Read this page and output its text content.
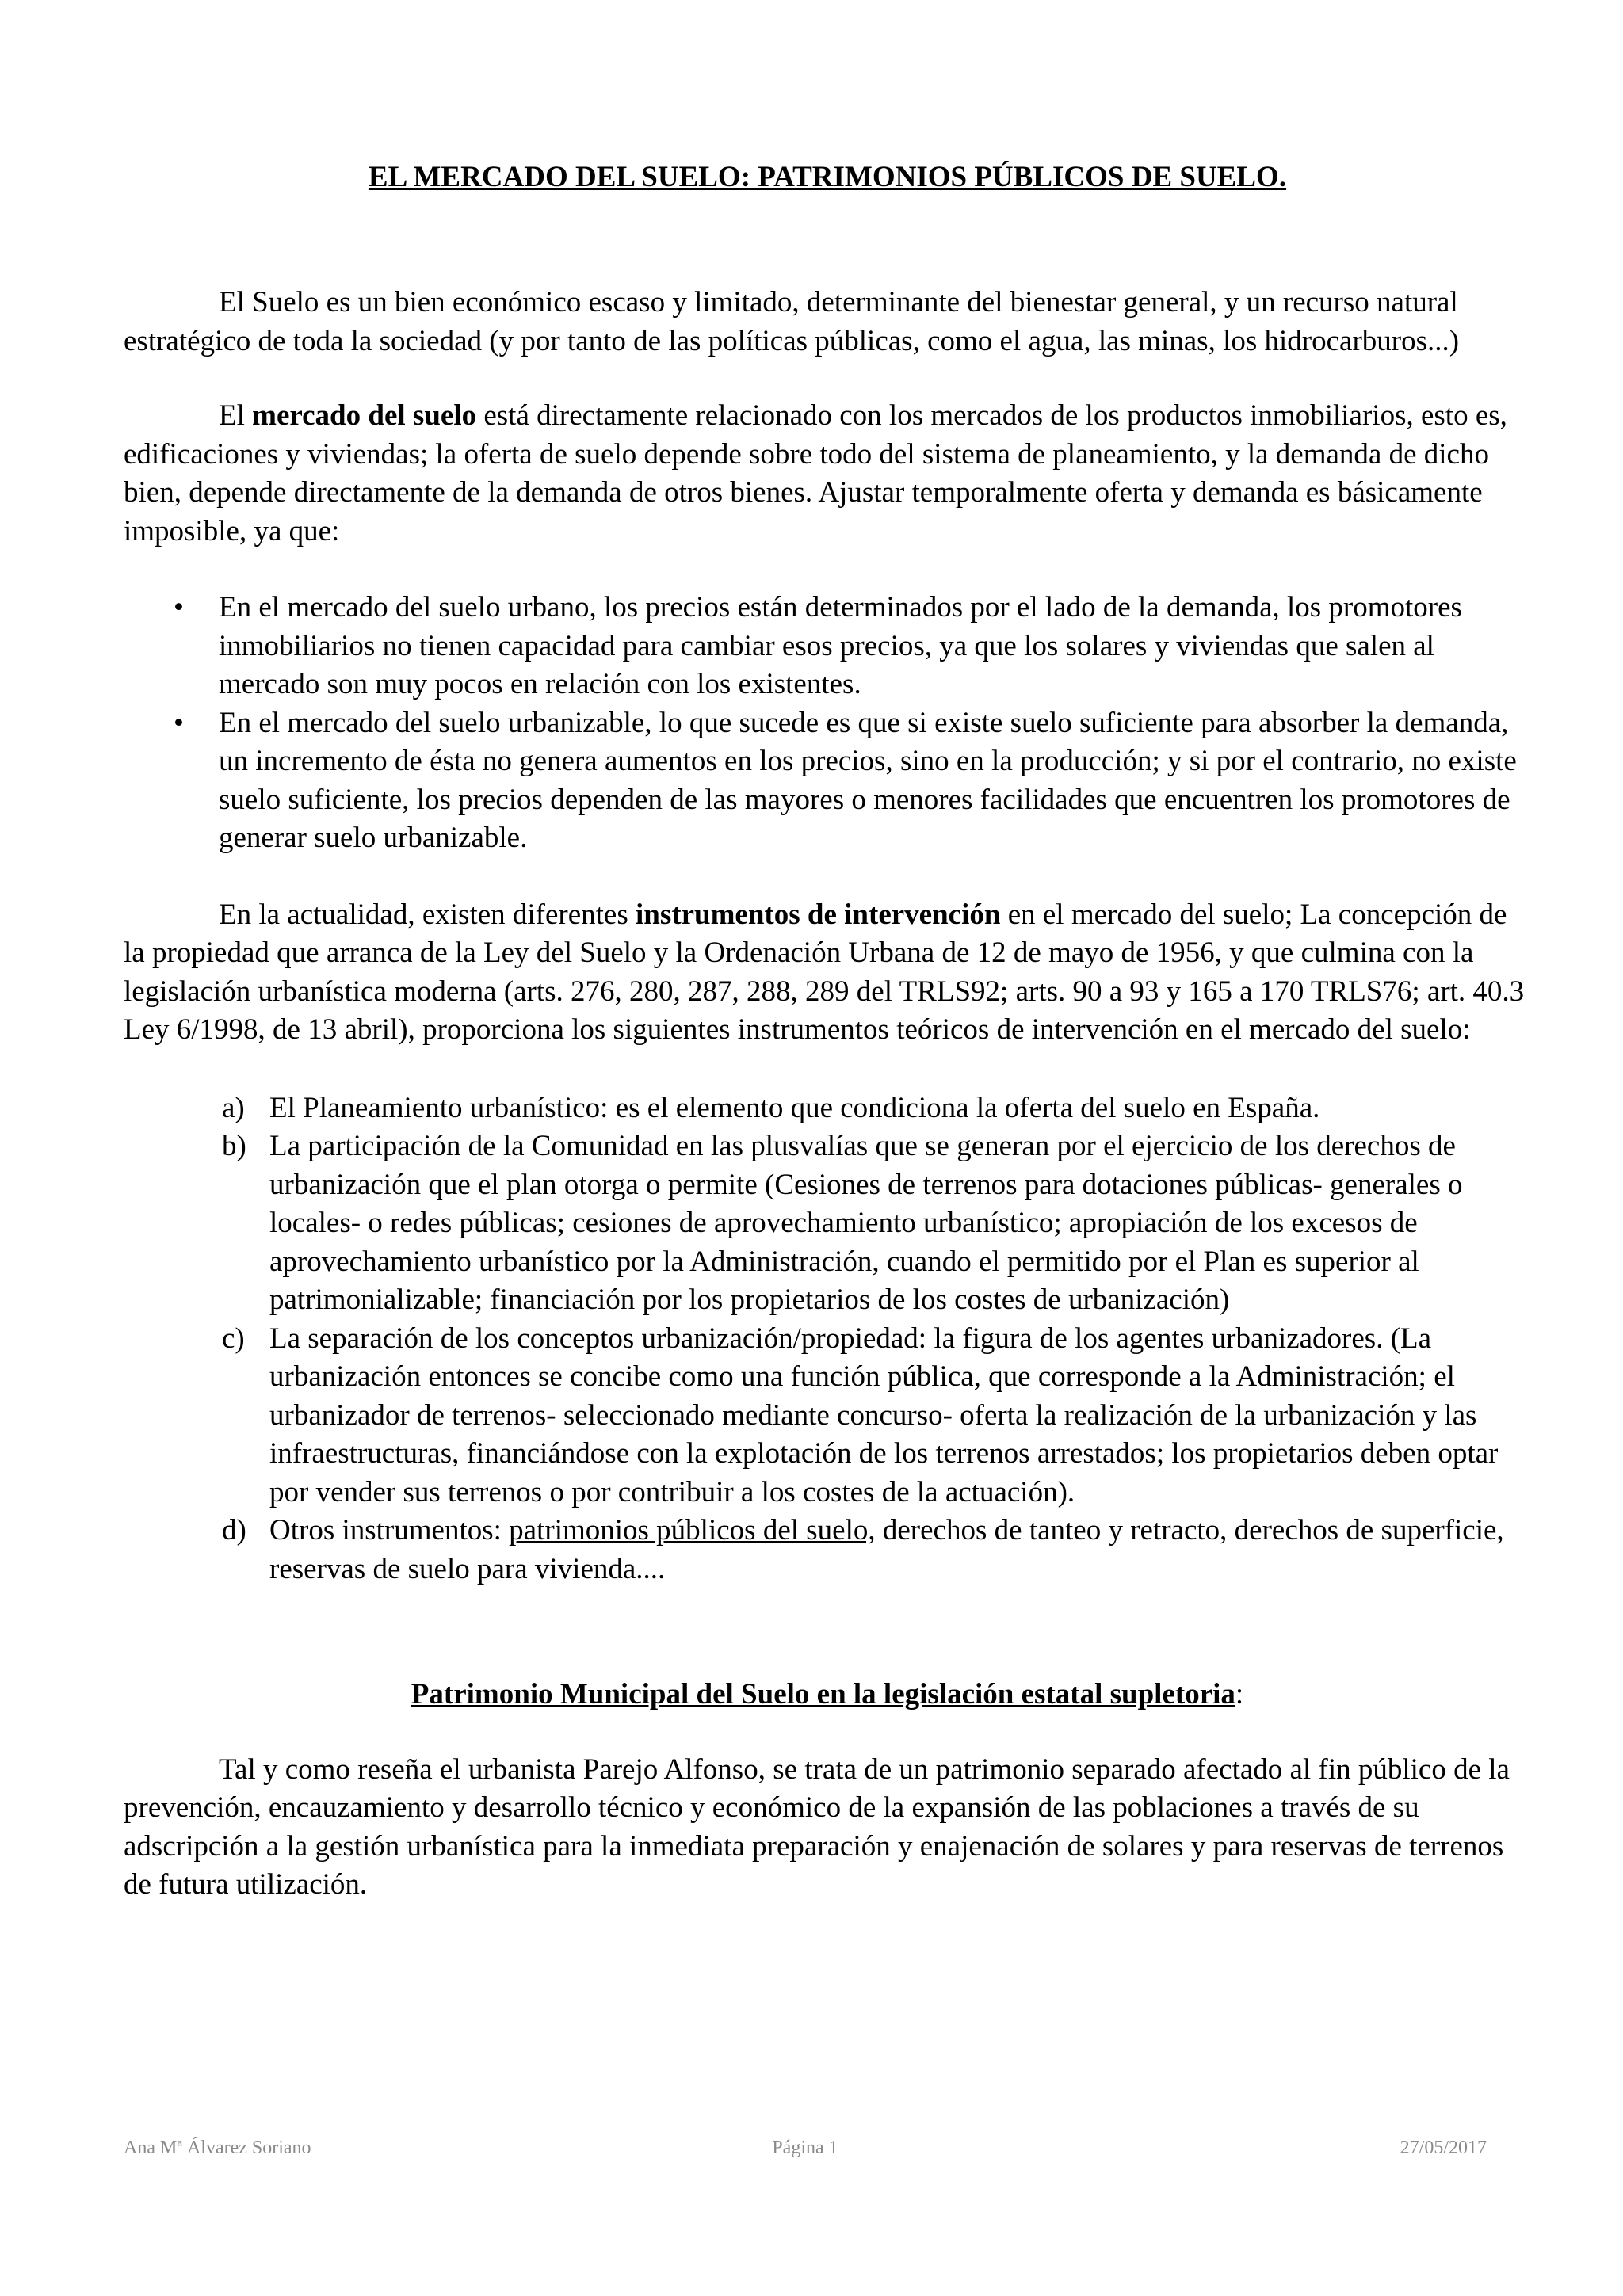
EL MERCADO DEL SUELO: PATRIMONIOS PÚBLICOS DE SUELO.

El Suelo es un bien económico escaso y limitado, determinante del bienestar general, y un recurso natural estratégico de toda la sociedad (y por tanto de las políticas públicas, como el agua, las minas, los hidrocarburos...)

El mercado del suelo está directamente relacionado con los mercados de los productos inmobiliarios, esto es, edificaciones y viviendas; la oferta de suelo depende sobre todo del sistema de planeamiento, y la demanda de dicho bien, depende directamente de la demanda de otros bienes. Ajustar temporalmente oferta y demanda es básicamente imposible, ya que:

• En el mercado del suelo urbano, los precios están determinados por el lado de la demanda, los promotores inmobiliarios no tienen capacidad para cambiar esos precios, ya que los solares y viviendas que salen al mercado son muy pocos en relación con los existentes.
• En el mercado del suelo urbanizable, lo que sucede es que si existe suelo suficiente para absorber la demanda, un incremento de ésta no genera aumentos en los precios, sino en la producción; y si por el contrario, no existe suelo suficiente, los precios dependen de las mayores o menores facilidades que encuentren los promotores de generar suelo urbanizable.

En la actualidad, existen diferentes instrumentos de intervención en el mercado del suelo; La concepción de la propiedad que arranca de la Ley del Suelo y la Ordenación Urbana de 12 de mayo de 1956, y que culmina con la legislación urbanística moderna (arts. 276, 280, 287, 288, 289 del TRLS92; arts. 90 a 93 y 165 a 170 TRLS76; art. 40.3 Ley 6/1998, de 13 abril), proporciona los siguientes instrumentos teóricos de intervención en el mercado del suelo:

a) El Planeamiento urbanístico: es el elemento que condiciona la oferta del suelo en España.
b) La participación de la Comunidad en las plusvalías que se generan por el ejercicio de los derechos de urbanización que el plan otorga o permite (Cesiones de terrenos para dotaciones públicas- generales o locales- o redes públicas; cesiones de aprovechamiento urbanístico; apropiación de los excesos de aprovechamiento urbanístico por la Administración, cuando el permitido por el Plan es superior al patrimonializable; financiación por los propietarios de los costes de urbanización)
c) La separación de los conceptos urbanización/propiedad: la figura de los agentes urbanizadores. (La urbanización entonces se concibe como una función pública, que corresponde a la Administración; el urbanizador de terrenos- seleccionado mediante concurso- oferta la realización de la urbanización y las infraestructuras, financiándose con la explotación de los terrenos arrestados; los propietarios deben optar por vender sus terrenos o por contribuir a los costes de la actuación).
d) Otros instrumentos: patrimonios públicos del suelo, derechos de tanteo y retracto, derechos de superficie, reservas de suelo para vivienda....

Patrimonio Municipal del Suelo en la legislación estatal supletoria:

Tal y como reseña el urbanista Parejo Alfonso, se trata de un patrimonio separado afectado al fin público de la prevención, encauzamiento y desarrollo técnico y económico de la expansión de las poblaciones a través de su adscripción a la gestión urbanística para la inmediata preparación y enajenación de solares y para reservas de terrenos de futura utilización.

Ana Mª Álvarez Soriano	Página 1	27/05/2017
